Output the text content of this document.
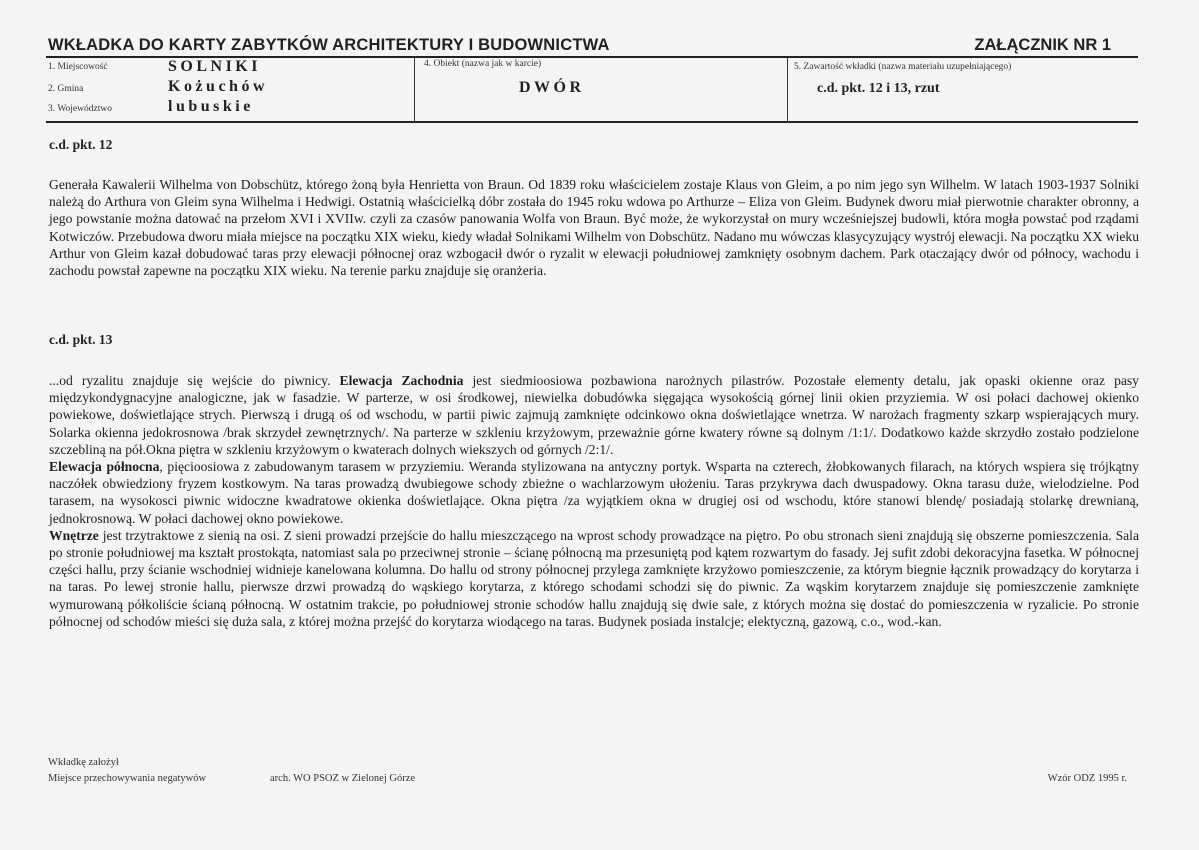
WKŁADKA DO KARTY ZABYTKÓW ARCHITEKTURY I BUDOWNICTWA	ZAŁĄCZNIK NR 1
1. Miejscowość	SOLNIKI
2. Gmina	Kożuchów
3. Województwo	lubuskie
4. Obiekt (nazwa jak w karcie)
DWÓR
5. Zawartość wkładki (nazwa materiału uzupełniającego)
c.d. pkt. 12 i 13, rzut
c.d. pkt. 12
Generała Kawalerii Wilhelma von Dobschütz, którego żoną była Henrietta von Braun. Od 1839 roku właścicielem zostaje Klaus von Gleim, a po nim jego syn Wilhelm. W latach 1903-1937 Solniki należą do Arthura von Gleim syna Wilhelma i Hedwigi. Ostatnią właścicielką dóbr została do 1945 roku wdowa po Arthurze – Eliza von Gleim. Budynek dworu miał pierwotnie charakter obronny, a jego powstanie można datować na przełom XVI i XVIIw. czyli za czasów panowania Wolfa von Braun. Być może, że wykorzystał on mury wcześniejszej budowli, która mogła powstać pod rządami Kotwiczów. Przebudowa dworu miała miejsce na początku XIX wieku, kiedy władał Solnikami Wilhelm von Dobschütz. Nadano mu wówczas klasycyzujący wystrój elewacji. Na początku XX wieku Arthur von Gleim kazał dobudować taras przy elewacji północnej oraz wzbogacił dwór o ryzalit w elewacji południowej zamknięty osobnym dachem. Park otaczający dwór od północy, wachodu i zachodu powstał zapewne na początku XIX wieku. Na terenie parku znajduje się oranżeria.
c.d. pkt. 13
...od ryzalitu znajduje się wejście do piwnicy. Elewacja Zachodnia jest siedmioosiowa pozbawiona narożnych pilastrów. Pozostałe elementy detalu, jak opaski okienne oraz pasy międzykondygnacyjne analogiczne, jak w fasadzie. W parterze, w osi środkowej, niewielka dobudówka sięgająca wysokością górnej linii okien przyziemia. W osi połaci dachowej okienko powiekowe, doświetlające strych. Pierwszą i drugą oś od wschodu, w partii piwic zajmują zamknięte odcinkowo okna doświetlające wnetrza. W narożach fragmenty szkarp wspierających mury. Solarka okienna jedokrosnowa /brak skrzydeł zewnętrznych/. Na parterze w szkleniu krzyżowym, przeważnie górne kwatery równe są dolnym /1:1/. Dodatkowo każde skrzydło zostało podzielone szczebliną na pół.Okna piętra w szkleniu krzyżowym o kwaterach dolnych wiekszych od górnych /2:1/.
Elewacja północna, pięcioosiowa z zabudowanym tarasem w przyziemiu. Weranda stylizowana na antyczny portyk. Wsparta na czterech, żłobkowanych filarach, na których wspiera się trójkątny naczółek obwiedziony fryzem kostkowym. Na taras prowadzą dwubiegowe schody zbieżne o wachlarzowym ułożeniu. Taras przykrywa dach dwuspadowy. Okna tarasu duże, wielodzielne. Pod tarasem, na wysokosci piwnic widoczne kwadratowe okienka doświetlające. Okna piętra /za wyjątkiem okna w drugiej osi od wschodu, które stanowi blendę/ posiadają stolarkę drewnianą, jednokrosnową. W połaci dachowej okno powiekowe.
Wnętrze jest trzytraktowe z sienią na osi. Z sieni prowadzi przejście do hallu mieszczącego na wprost schody prowadzące na piętro. Po obu stronach sieni znajdują się obszerne pomieszczenia. Sala po stronie południowej ma kształt prostokąta, natomiast sala po przeciwnej stronie – ścianę północną ma przesuniętą pod kątem rozwartym do fasady. Jej sufit zdobi dekoracyjna fasetka. W północnej części hallu, przy ścianie wschodniej widnieje kanelowana kolumna. Do hallu od strony północnej przylega zamknięte krzyżowo pomieszczenie, za którym biegnie łącznik prowadzący do korytarza i na taras. Po lewej stronie hallu, pierwsze drzwi prowadzą do wąskiego korytarza, z którego schodami schodzi się do piwnic. Za wąskim korytarzem znajduje się pomieszczenie zamknięte wymurowaną półkoliście ścianą północną. W ostatnim trakcie, po południowej stronie schodów hallu znajdują się dwie sale, z których można się dostać do pomieszczenia w ryzalicie. Po stronie północnej od schodów mieści się duża sala, z której można przejść do korytarza wiodącego na taras. Budynek posiada instalcje; elektyczną, gazową, c.o., wod.-kan.
Wkładkę założył
Miejsce przechowywania negatywów	arch. WO PSOZ w Zielonej Górze	Wzór ODZ 1995 r.
